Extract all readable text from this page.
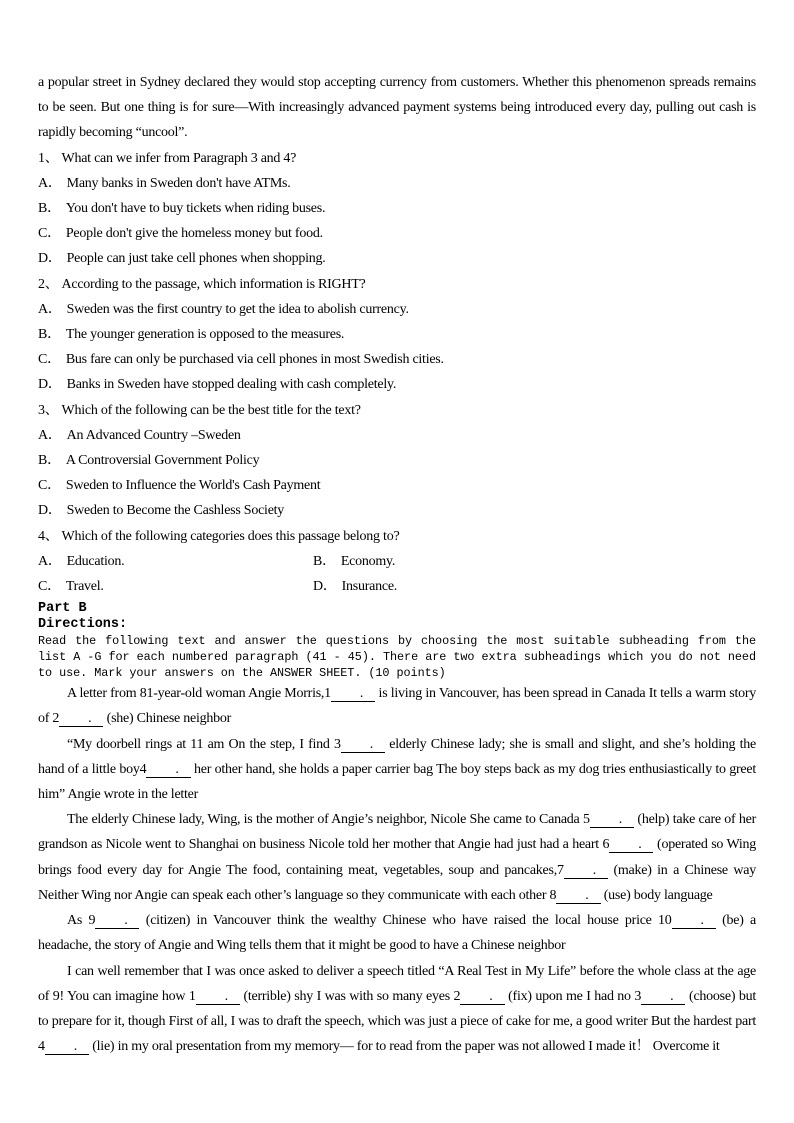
a popular street in Sydney declared they would stop accepting currency from customers. Whether this phenomenon spreads remains to be seen. But one thing is for sure—With increasingly advanced payment systems being introduced every day, pulling out cash is rapidly becoming “uncool”.

1、 What can we infer from Paragraph 3 and 4?
A． Many banks in Sweden don't have ATMs.
B． You don't have to buy tickets when riding buses.
C． People don't give the homeless money but food.
D． People can just take cell phones when shopping.
2、 According to the passage, which information is RIGHT?
A． Sweden was the first country to get the idea to abolish currency.
B． The younger generation is opposed to the measures.
C． Bus fare can only be purchased via cell phones in most Swedish cities.
D． Banks in Sweden have stopped dealing with cash completely.
3、 Which of the following can be the best title for the text?
A． An Advanced Country –Sweden
B． A Controversial Government Policy
C． Sweden to Influence the World's Cash Payment
D． Sweden to Become the Cashless Society
4、 Which of the following categories does this passage belong to?
A． Education.	B． Economy.
C． Travel.	D． Insurance.
Part B
Directions:
Read the following text and answer the questions by choosing the most suitable subheading from the list A -G for each numbered paragraph (41 - 45). There are two extra subheadings which you do not need to use. Mark your answers on the ANSWER SHEET. (10 points)
A letter from 81-year-old woman Angie Morris,1 . is living in Vancouver, has been spread in Canada It tells a warm story of 2 . (she) Chinese neighbor
“My doorbell rings at 11 am On the step, I find 3 . elderly Chinese lady; she is small and slight, and she’s holding the hand of a little boy4 . her other hand, she holds a paper carrier bag The boy steps back as my dog tries enthusiastically to greet him” Angie wrote in the letter
The elderly Chinese lady, Wing, is the mother of Angie’s neighbor, Nicole She came to Canada 5 . (help) take care of her grandson as Nicole went to Shanghai on business Nicole told her mother that Angie had just had a heart 6 . (operated so Wing brings food every day for Angie The food, containing meat, vegetables, soup and pancakes,7 . (make) in a Chinese way Neither Wing nor Angie can speak each other’s language so they communicate with each other 8 . (use) body language
As 9 . (citizen) in Vancouver think the wealthy Chinese who have raised the local house price 10 . (be) a headache, the story of Angie and Wing tells them that it might be good to have a Chinese neighbor
I can well remember that I was once asked to deliver a speech titled “A Real Test in My Life” before the whole class at the age of 9! You can imagine how 1 . (terrible) shy I was with so many eyes 2 . (fix) upon me I had no 3 . (choose) but to prepare for it, though First of all, I was to draft the speech, which was just a piece of cake for me, a good writer But the hardest part 4 . (lie) in my oral presentation from my memory— for to read from the paper was not allowed I made it！ Overcome it
